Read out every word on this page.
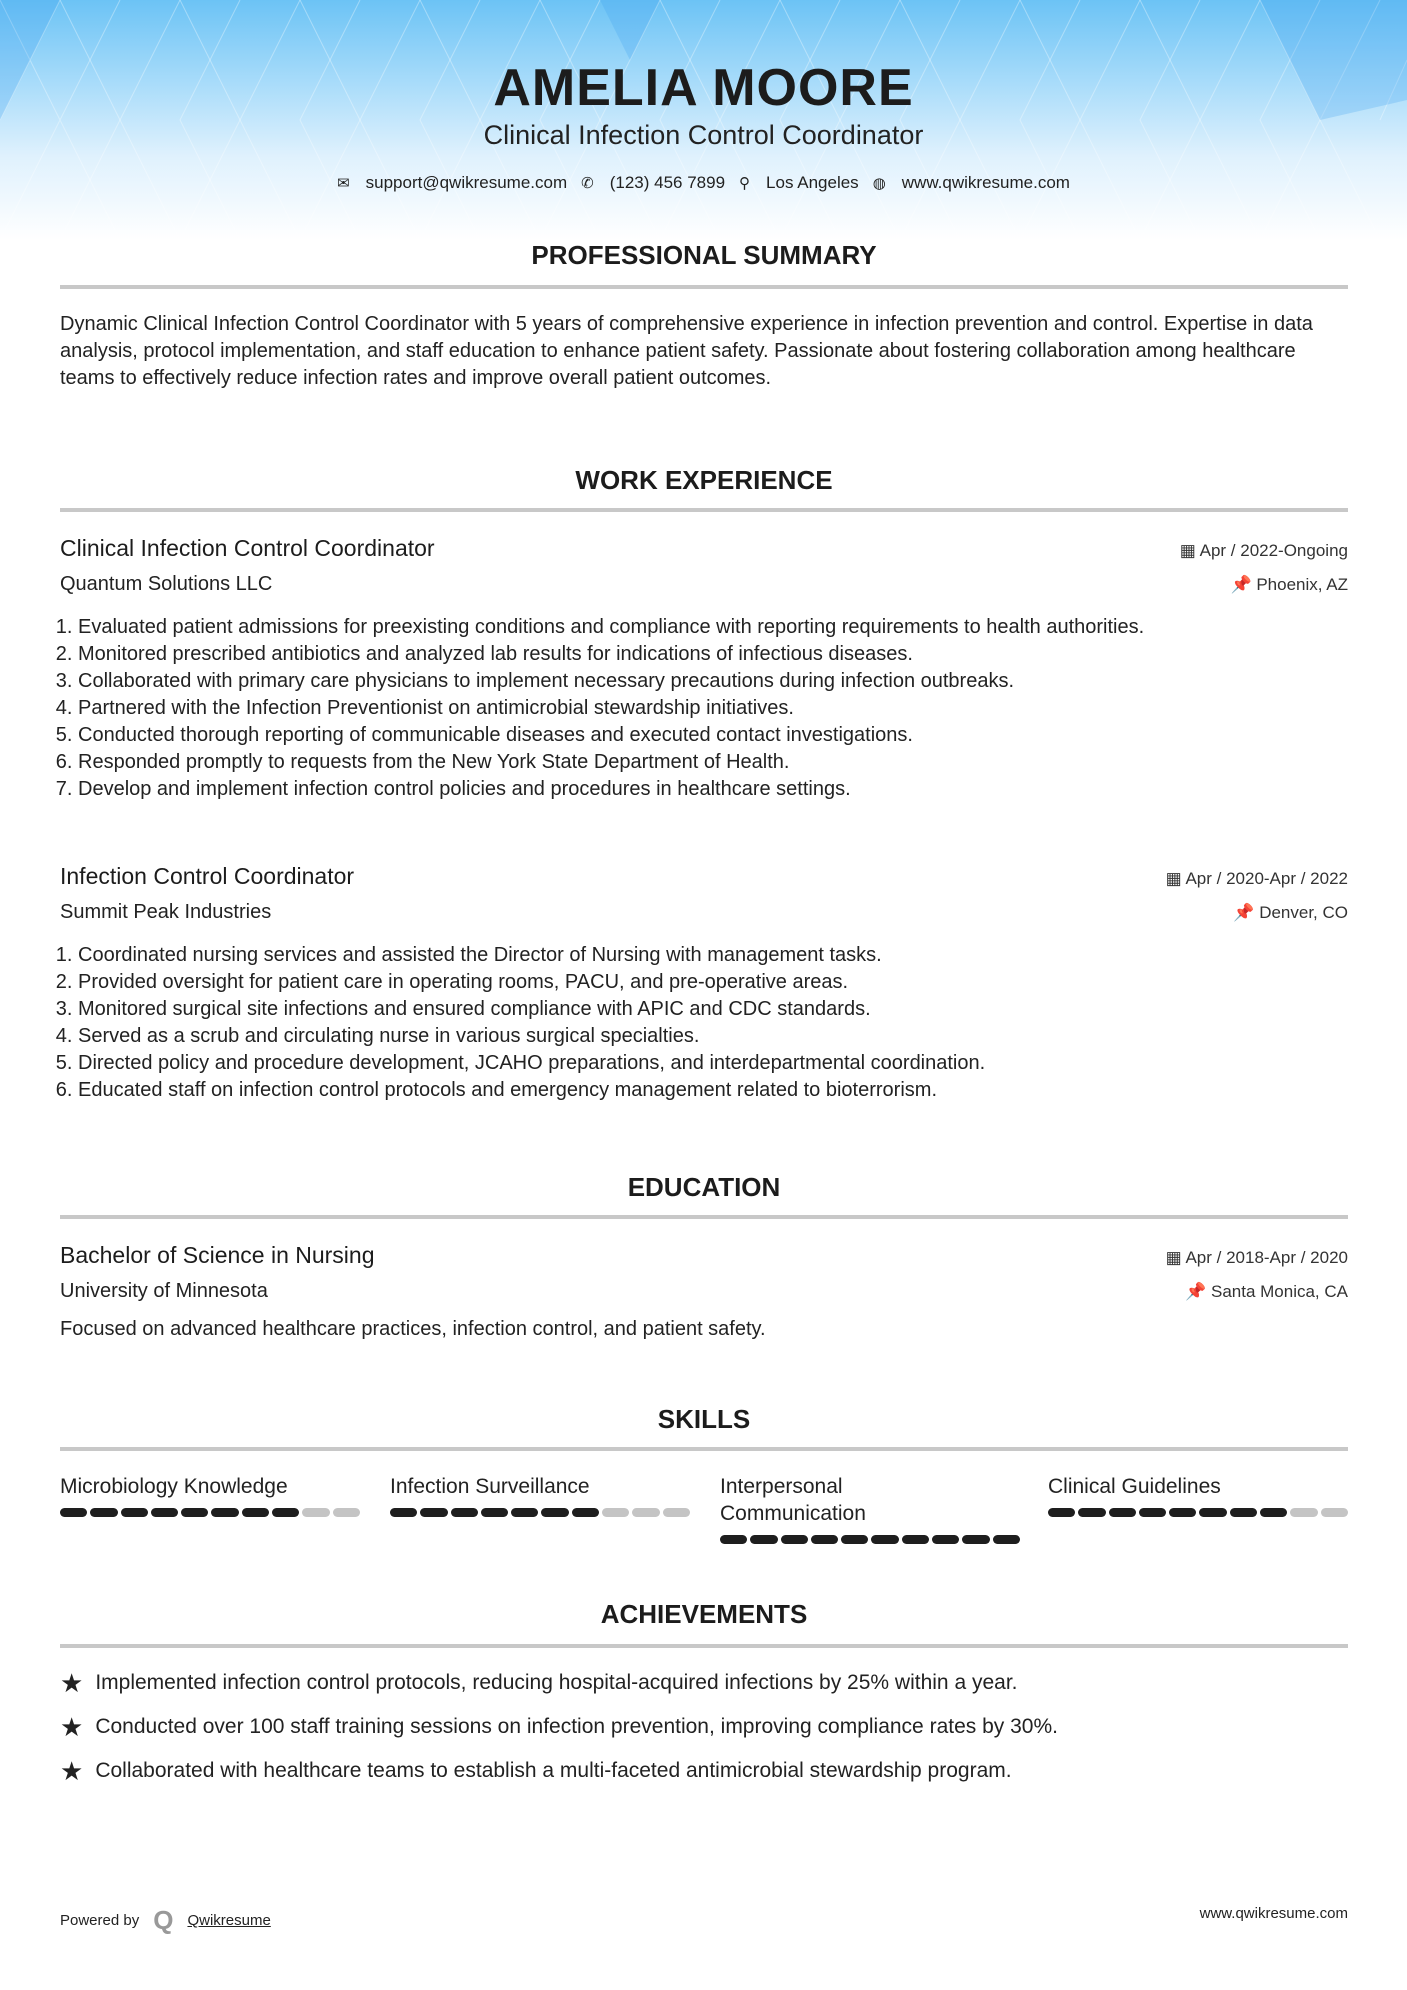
AMELIA MOORE
Clinical Infection Control Coordinator
✉ support@qwikresume.com ✆ (123) 456 7899 ⚲ Los Angeles ◍ www.qwikresume.com
PROFESSIONAL SUMMARY
Dynamic Clinical Infection Control Coordinator with 5 years of comprehensive experience in infection prevention and control. Expertise in data analysis, protocol implementation, and staff education to enhance patient safety. Passionate about fostering collaboration among healthcare teams to effectively reduce infection rates and improve overall patient outcomes.
WORK EXPERIENCE
Clinical Infection Control Coordinator	▦ Apr / 2022-Ongoing
Quantum Solutions LLC	📌 Phoenix, AZ
1. Evaluated patient admissions for preexisting conditions and compliance with reporting requirements to health authorities.
2. Monitored prescribed antibiotics and analyzed lab results for indications of infectious diseases.
3. Collaborated with primary care physicians to implement necessary precautions during infection outbreaks.
4. Partnered with the Infection Preventionist on antimicrobial stewardship initiatives.
5. Conducted thorough reporting of communicable diseases and executed contact investigations.
6. Responded promptly to requests from the New York State Department of Health.
7. Develop and implement infection control policies and procedures in healthcare settings.
Infection Control Coordinator	▦ Apr / 2020-Apr / 2022
Summit Peak Industries	📌 Denver, CO
1. Coordinated nursing services and assisted the Director of Nursing with management tasks.
2. Provided oversight for patient care in operating rooms, PACU, and pre-operative areas.
3. Monitored surgical site infections and ensured compliance with APIC and CDC standards.
4. Served as a scrub and circulating nurse in various surgical specialties.
5. Directed policy and procedure development, JCAHO preparations, and interdepartmental coordination.
6. Educated staff on infection control protocols and emergency management related to bioterrorism.
EDUCATION
Bachelor of Science in Nursing	▦ Apr / 2018-Apr / 2020
University of Minnesota	📌 Santa Monica, CA
Focused on advanced healthcare practices, infection control, and patient safety.
SKILLS
Microbiology Knowledge	Infection Surveillance	Interpersonal Communication
Clinical Guidelines
ACHIEVEMENTS
★ Implemented infection control protocols, reducing hospital-acquired infections by 25% within a year.
★ Conducted over 100 staff training sessions on infection prevention, improving compliance rates by 30%.
★ Collaborated with healthcare teams to establish a multi-faceted antimicrobial stewardship program.
Powered by Q Qwikresume	www.qwikresume.com
